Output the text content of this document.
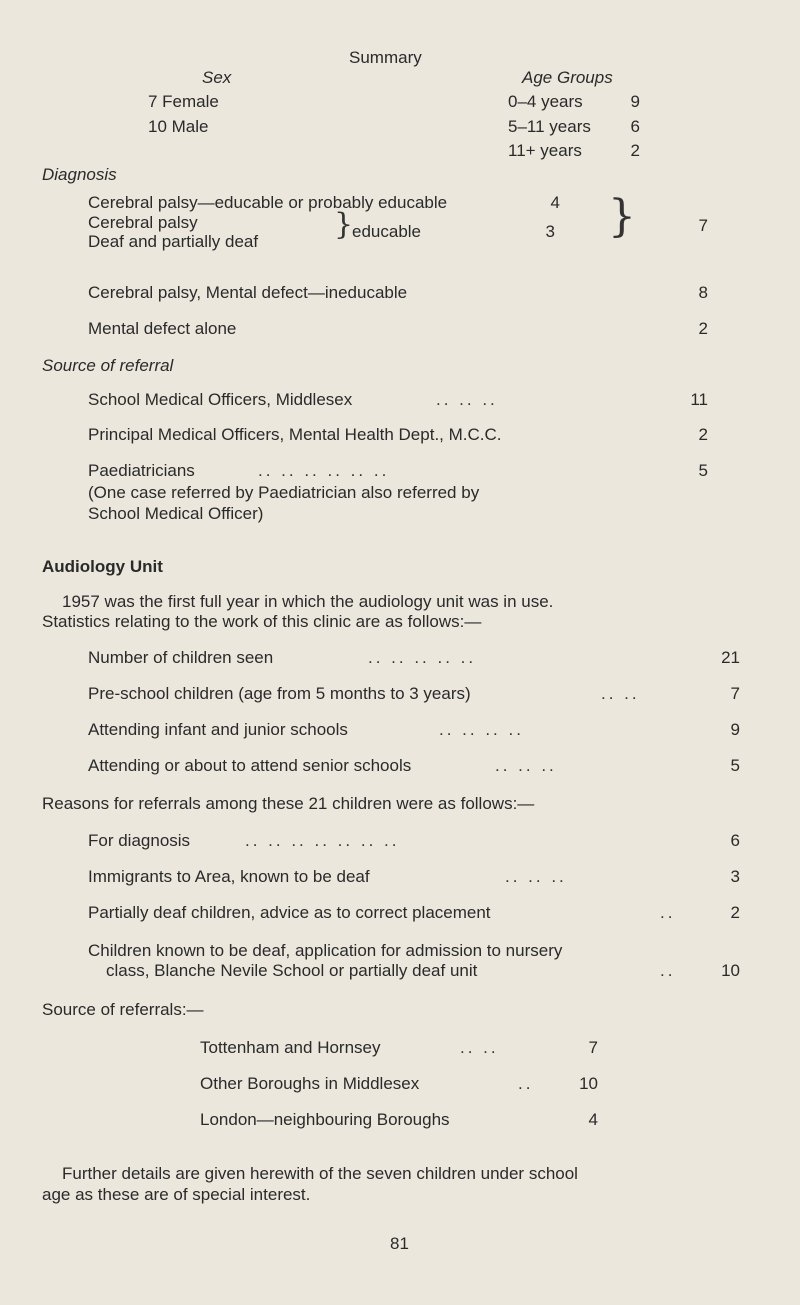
Summary
Sex	Age Groups
7 Female
10 Male
0–4 years	9
5–11 years	6
11+ years	2
Diagnosis
Cerebral palsy—educable or probably educable	4
Cerebral palsy
Deaf and partially deaf	}
educable	3 }	7
Cerebral palsy, Mental defect—ineducable	8
Mental defect alone	2
Source of referral
School Medical Officers, Middlesex	.. .. ..	11
Principal Medical Officers, Mental Health Dept., M.C.C.	2
Paediatricians	.. .. .. .. .. ..	5
(One case referred by Paediatrician also referred by
School Medical Officer)
Audiology Unit
1957 was the first full year in which the audiology unit was in use.
Statistics relating to the work of this clinic are as follows:—
Number of children seen	.. .. .. .. ..	21
Pre-school children (age from 5 months to 3 years)	.. ..	7
Attending infant and junior schools	.. .. .. ..	9
Attending or about to attend senior schools	.. .. ..	5
Reasons for referrals among these 21 children were as follows:—
For diagnosis	.. .. .. .. .. .. ..	6
Immigrants to Area, known to be deaf	.. .. ..	3
Partially deaf children, advice as to correct placement	..	2
Children known to be deaf, application for admission to nursery
class, Blanche Nevile School or partially deaf unit	..	10
Source of referrals:—
Tottenham and Hornsey	.. ..	7
Other Boroughs in Middlesex	..	10
London—neighbouring Boroughs	4
Further details are given herewith of the seven children under school
age as these are of special interest.
81
